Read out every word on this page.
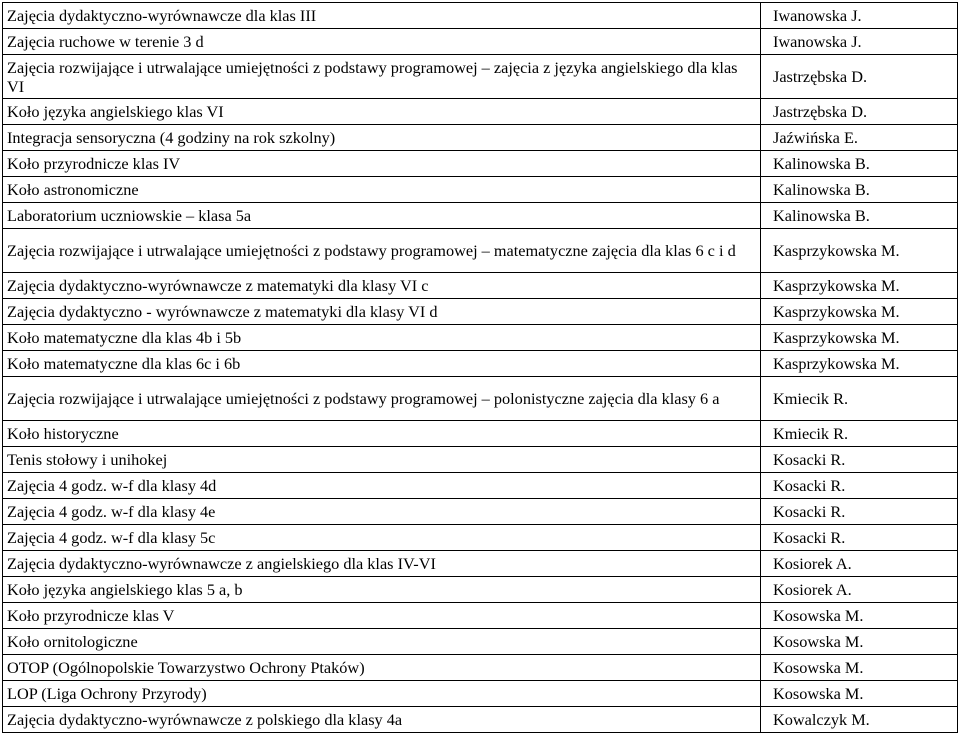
Zajęcia dydaktyczno-wyrównawcze dla klas III	Iwanowska J.
Zajęcia ruchowe w terenie 3 d	Iwanowska J.
Zajęcia rozwijające i utrwalające umiejętności z podstawy programowej – zajęcia z języka angielskiego dla klas VI	Jastrzębska D.
Koło języka angielskiego klas VI	Jastrzębska D.
Integracja sensoryczna (4 godziny na rok szkolny)	Jaźwińska E.
Koło przyrodnicze klas IV	Kalinowska B.
Koło astronomiczne	Kalinowska B.
Laboratorium uczniowskie – klasa 5a	Kalinowska B.
Zajęcia rozwijające i utrwalające umiejętności z podstawy programowej – matematyczne zajęcia dla klas 6 c i d	Kasprzykowska M.
Zajęcia dydaktyczno-wyrównawcze z matematyki dla klasy VI c	Kasprzykowska M.
Zajęcia dydaktyczno - wyrównawcze z matematyki dla klasy VI d	Kasprzykowska M.
Koło matematyczne dla klas 4b i 5b	Kasprzykowska M.
Koło matematyczne dla klas 6c i 6b	Kasprzykowska M.
Zajęcia rozwijające i utrwalające umiejętności z podstawy programowej – polonistyczne zajęcia dla klasy 6 a	Kmiecik R.
Koło historyczne	Kmiecik R.
Tenis stołowy i unihokej	Kosacki R.
Zajęcia 4 godz. w-f dla klasy 4d	Kosacki R.
Zajęcia 4 godz. w-f dla klasy 4e	Kosacki R.
Zajęcia 4 godz. w-f dla klasy 5c	Kosacki R.
Zajęcia dydaktyczno-wyrównawcze z angielskiego dla klas IV-VI	Kosiorek A.
Koło języka angielskiego klas 5 a, b	Kosiorek A.
Koło przyrodnicze klas V	Kosowska M.
Koło ornitologiczne	Kosowska M.
OTOP (Ogólnopolskie Towarzystwo Ochrony Ptaków)	Kosowska M.
LOP (Liga Ochrony Przyrody)	Kosowska M.
Zajęcia dydaktyczno-wyrównawcze z polskiego dla klasy 4a	Kowalczyk M.
